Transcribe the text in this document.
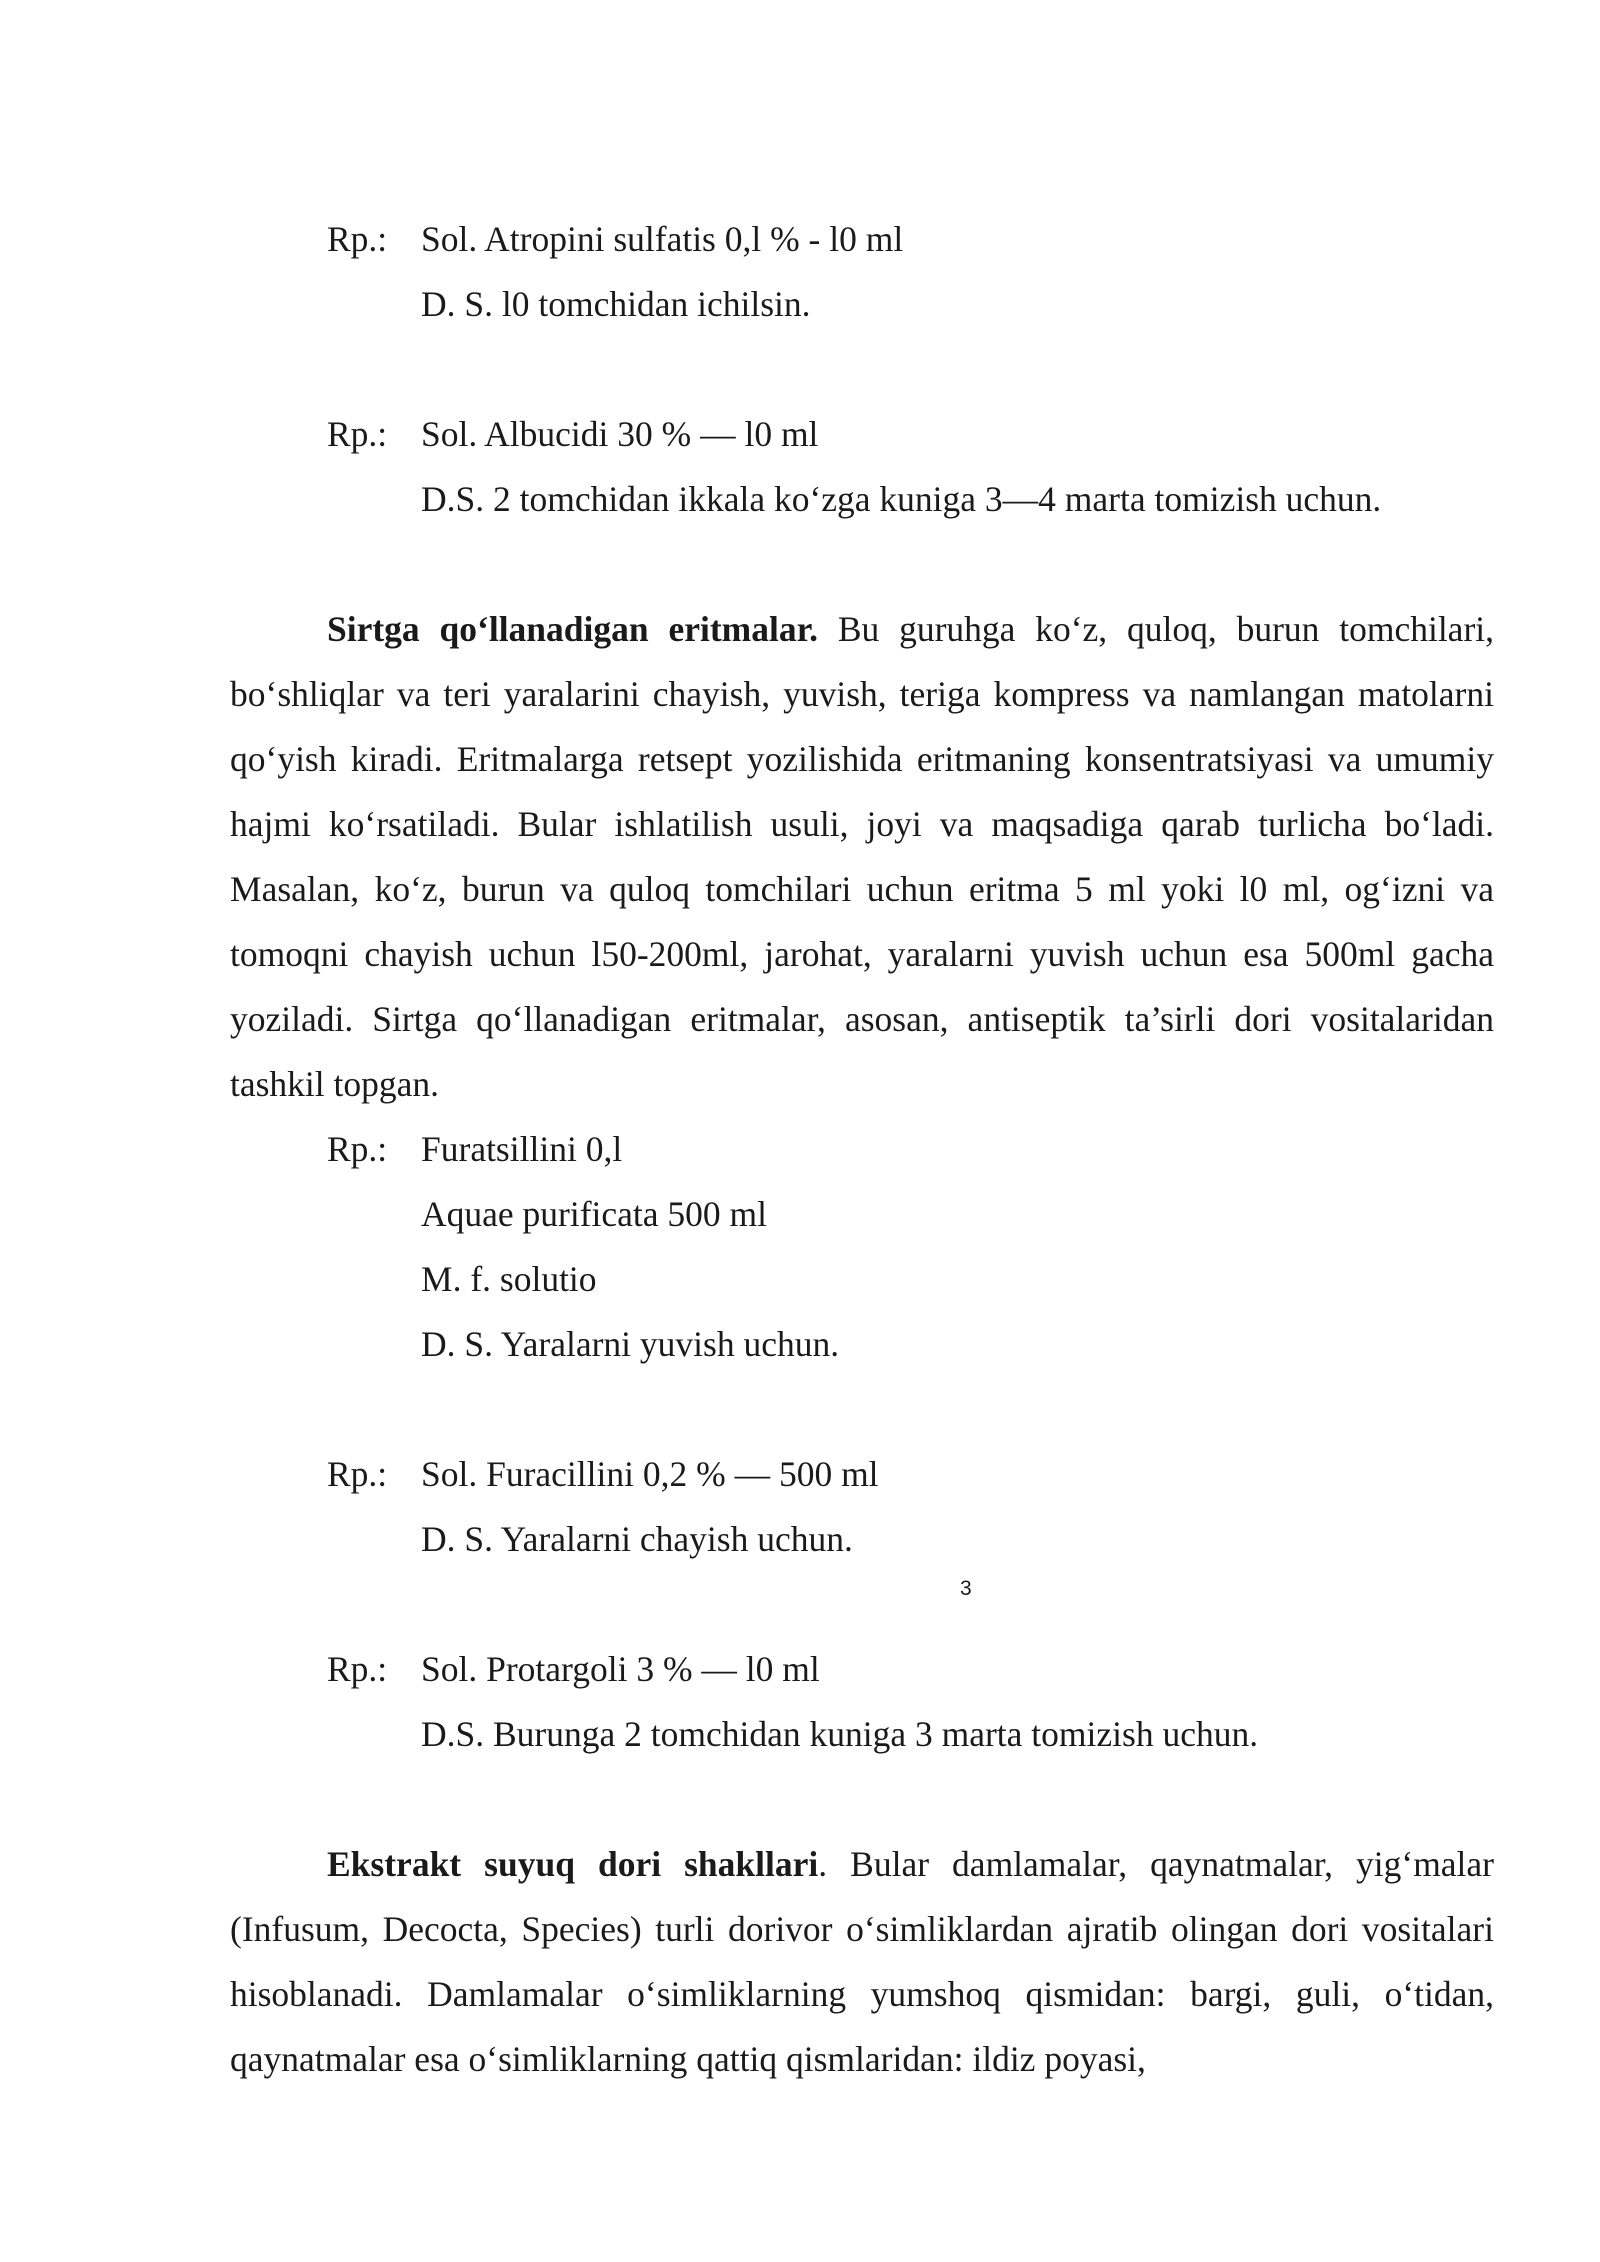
Rp.: Sol. Atropini sulfatis 0,l % - l0 ml
D. S. l0 tomchidan ichilsin.
Rp.: Sol. Albucidi 30 % — l0 ml
D.S. 2 tomchidan ikkala ko‘zga kuniga 3—4 marta tomizish uchun.

Sirtga qo‘llanadigan eritmalar. Bu guruhga ko‘z, quloq, burun tomchilari, bo‘shliqlar va teri yaralarini chayish, yuvish, teriga kompress va namlangan matolarni qo‘yish kiradi. Eritmalarga retsept yozilishida eritmaning konsentratsiyasi va umumiy hajmi ko‘rsatiladi. Bular ishlatilish usuli, joyi va maqsadiga qarab turlicha bo‘ladi. Masalan, ko‘z, burun va quloq tomchilari uchun eritma 5 ml yoki l0 ml, og‘izni va tomoqni chayish uchun l50-200ml, jarohat, yaralarni yuvish uchun esa 500ml gacha yoziladi. Sirtga qo‘llanadigan eritmalar, asosan, antiseptik ta’sirli dori vositalaridan tashkil topgan.

Rp.: Furatsillini 0,l
Aquae purificata 500 ml
M. f. solutio
D. S. Yaralarni yuvish uchun.
Rp.: Sol. Furacillini 0,2 % — 500 ml
D. S. Yaralarni chayish uchun.
3
Rp.: Sol. Protargoli 3 % — l0 ml
D.S. Burunga 2 tomchidan kuniga 3 marta tomizish uchun.

Ekstrakt suyuq dori shakllari. Bular damlamalar, qaynatmalar, yig‘malar (Infusum, Decocta, Species) turli dorivor o‘simliklardan ajratib olingan dori vositalari hisoblanadi. Damlamalar o‘simliklarning yumshoq qismidan: bargi, guli, o‘tidan, qaynatmalar esa o‘simliklarning qattiq qismlaridan: ildiz poyasi,
